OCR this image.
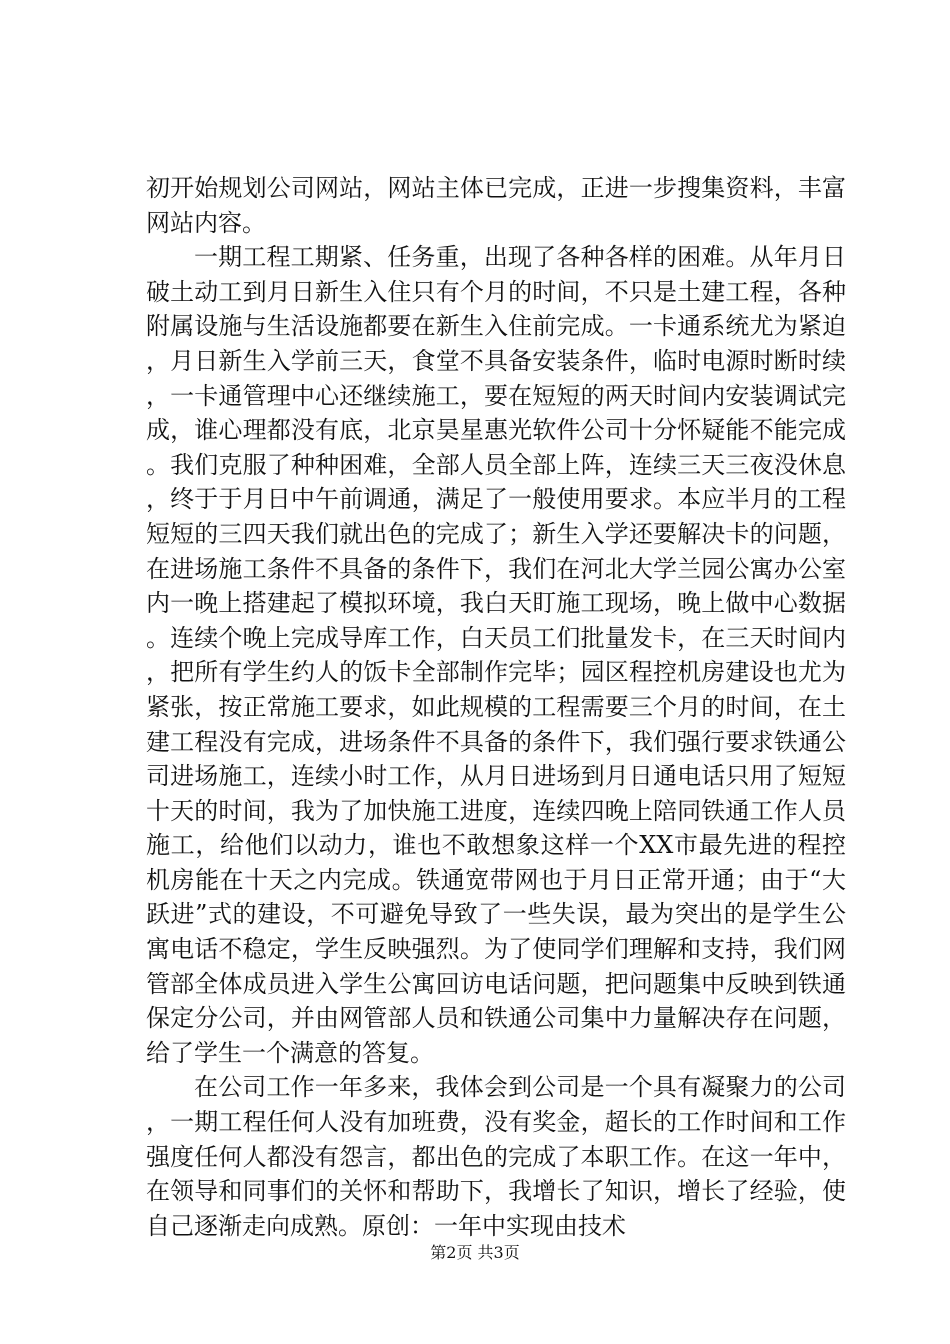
初开始规划公司网站，网站主体已完成，正进一步搜集资料，丰富网站内容。

一期工程工期紧、任务重，出现了各种各样的困难。从年月日破土动工到月日新生入住只有个月的时间，不只是土建工程，各种附属设施与生活设施都要在新生入住前完成。一卡通系统尤为紧迫，月日新生入学前三天，食堂不具备安装条件，临时电源时断时续，一卡通管理中心还继续施工，要在短短的两天时间内安装调试完成，谁心理都没有底，北京昊星惠光软件公司十分怀疑能不能完成。我们克服了种种困难，全部人员全部上阵，连续三天三夜没休息，终于于月日中午前调通，满足了一般使用要求。本应半月的工程短短的三四天我们就出色的完成了；新生入学还要解决卡的问题，在进场施工条件不具备的条件下，我们在河北大学兰园公寓办公室内一晚上搭建起了模拟环境，我白天盯施工现场，晚上做中心数据。连续个晚上完成导库工作，白天员工们批量发卡，在三天时间内，把所有学生约人的饭卡全部制作完毕；园区程控机房建设也尤为紧张，按正常施工要求，如此规模的工程需要三个月的时间，在土建工程没有完成，进场条件不具备的条件下，我们强行要求铁通公司进场施工，连续小时工作，从月日进场到月日通电话只用了短短十天的时间，我为了加快施工进度，连续四晚上陪同铁通工作人员施工，给他们以动力，谁也不敢想象这样一个XX市最先进的程控机房能在十天之内完成。铁通宽带网也于月日正常开通；由于“大跃进”式的建设，不可避免导致了一些失误，最为突出的是学生公寓电话不稳定，学生反映强烈。为了使同学们理解和支持，我们网管部全体成员进入学生公寓回访电话问题，把问题集中反映到铁通保定分公司，并由网管部人员和铁通公司集中力量解决存在问题，给了学生一个满意的答复。

在公司工作一年多来，我体会到公司是一个具有凝聚力的公司，一期工程任何人没有加班费，没有奖金，超长的工作时间和工作强度任何人都没有怨言，都出色的完成了本职工作。在这一年中，在领导和同事们的关怀和帮助下，我增长了知识，增长了经验，使自己逐渐走向成熟。原创：一年中实现由技术

第2页 共3页
